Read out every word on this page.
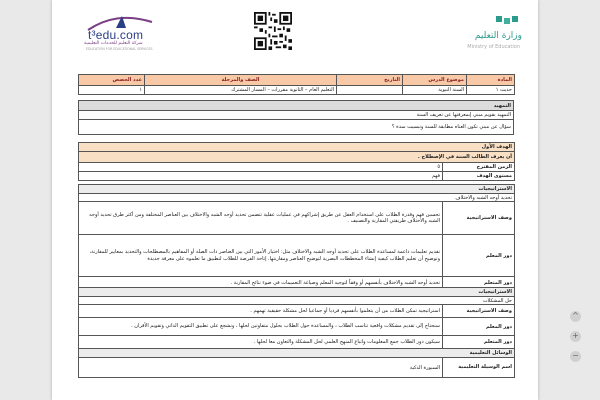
t³edu.com
شركة التعليم للخدمات التعليمية
EDUCATION FOR EDUCATIONAL SERVICES
وزارة التعليم
Ministry of Education
المادة	موضوع الدرس	التاريخ	الصف والمرحلة	عدد الحصص
حديث ١	السنة النبوية		التعليم العام – الثانوية مقررات – المسار المشترك	١
التمهيد
التمهيد بقويم مبني إبمعرفتها عن تعريف السنة
سؤال عن مبني تكون العناه مطابقة للسنة وتبسيت سدة ؟
الهدف الأول	
أن يعرف الطالب السنة في الإصطلاح .	
الزمن المقترح	٥
مستوى الهدف	فهم
الاستراتيجيات	
تحديد أوجه الشبه والاختلاف	
وصف الاستراتيجية	تحسين فهم وقدرة الطلاب على استخدام العقل عن طريق إشراكهم في عمليات عقلية تتضمن تحديد أوجه الشبه والاختلاف بين العناصر المختلفة ومن أكثر طرق تحديد أوجه الشبه والاختلاف طريقتي المقارنة والتصنيف .
دور المعلم	تقديم تعليمات داعمة لمساعدة الطلاب على تحديد أوجه الشبه والاختلاف مثل: اختيار الأمور التي بين العناصر ذات الصلة أو المفاهيم بالمصطلحات والتحديد بمعايير للمقارنة، وتوضيح أن تعليم الطلاب كيفية إنشاء المخططات البصرية لتوضيح العناصر ومقارنتها. إتاحة الفرصة للطلاب لتطبيق ما تعلموه على معرفة جديدة
دور المتعلم	تحديد أوجه الشبه والاختلاف بأنفسهم أو وفقاً لتوجيه المعلم وصياغة التعميمات في ضوء نتائج المقارنة .
الاستراتيجيات	
حل المشكلات	
وصف الاستراتيجية	استراتيجية تمكن الطلاب من أن يتعلموا بأنفسهم فرديا أو جماعيا لحل مشكلة حقيقية تهمهم .
دور المعلم	سنحتاج إلى تقديم مشكلات واقعية تناسب الطلاب ، والمساعدة حول الطلاب بحلول متفاوتين لحلها ، ونشجع على تطبيق التقويم الذاتي وتقويم الأقران .
دور المتعلم	سيكون دور الطلاب جمع المعلومات واتباع المنهج العلمي لحل المشكلة والتعاون معا لحلها .
الوسائل التعليمية
اسم الوسيلة التعليمية	السبورة الذكية
^
+
−
